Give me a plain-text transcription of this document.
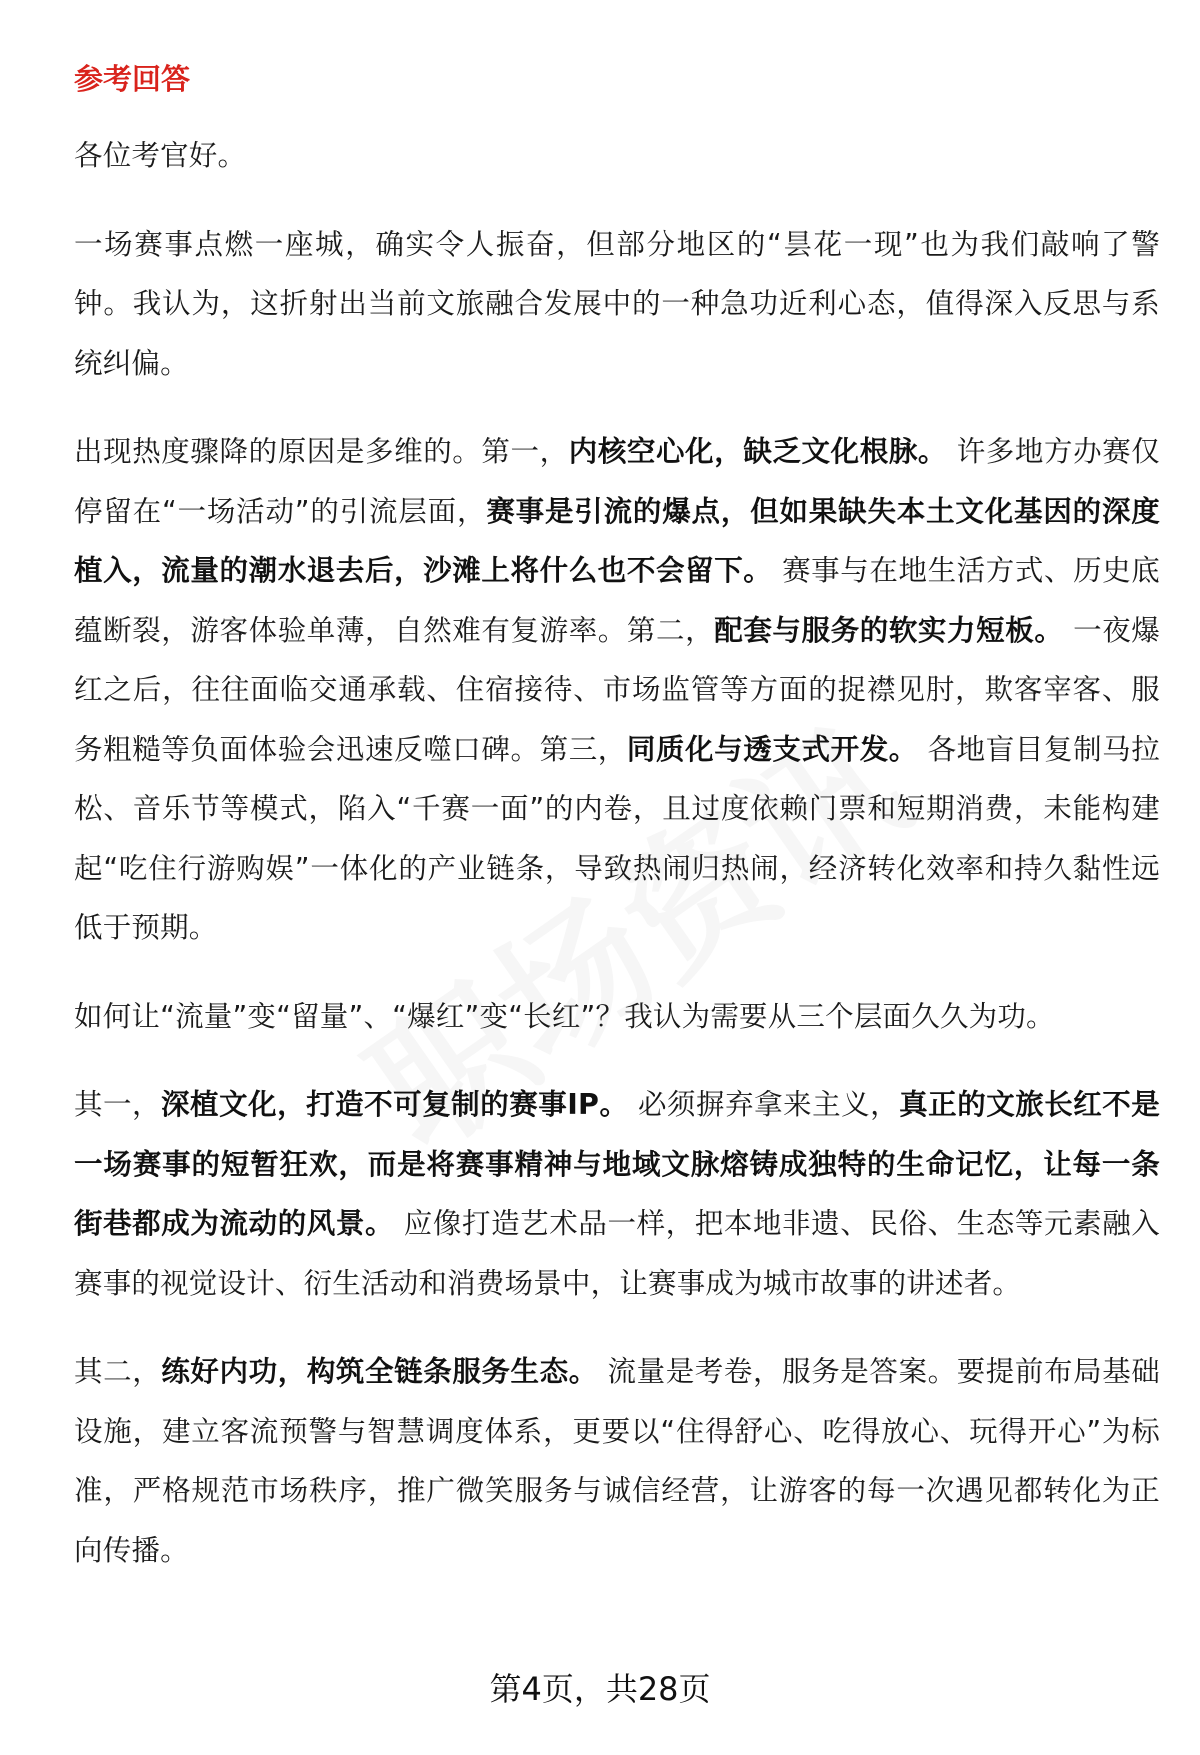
参考回答

各位考官好。

一场赛事点燃一座城，确实令人振奋，但部分地区的“昙花一现”也为我们敲响了警钟。我认为，这折射出当前文旅融合发展中的一种急功近利心态，值得深入反思与系统纠偏。

出现热度骤降的原因是多维的。第一，内核空心化，缺乏文化根脉。 许多地方办赛仅停留在“一场活动”的引流层面，赛事是引流的爆点，但如果缺失本土文化基因的深度植入，流量的潮水退去后，沙滩上将什么也不会留下。 赛事与在地生活方式、历史底蕴断裂，游客体验单薄，自然难有复游率。第二，配套与服务的软实力短板。 一夜爆红之后，往往面临交通承载、住宿接待、市场监管等方面的捉襟见肘，欺客宰客、服务粗糙等负面体验会迅速反噬口碑。第三，同质化与透支式开发。 各地盲目复制马拉松、音乐节等模式，陷入“千赛一面”的内卷，且过度依赖门票和短期消费，未能构建起“吃住行游购娱”一体化的产业链条，导致热闹归热闹，经济转化效率和持久黏性远低于预期。

如何让“流量”变“留量”、“爆红”变“长红”？我认为需要从三个层面久久为功。

其一，深植文化，打造不可复制的赛事IP。 必须摒弃拿来主义，真正的文旅长红不是一场赛事的短暂狂欢，而是将赛事精神与地域文脉熔铸成独特的生命记忆，让每一条街巷都成为流动的风景。 应像打造艺术品一样，把本地非遗、民俗、生态等元素融入赛事的视觉设计、衍生活动和消费场景中，让赛事成为城市故事的讲述者。

其二，练好内功，构筑全链条服务生态。 流量是考卷，服务是答案。要提前布局基础设施，建立客流预警与智慧调度体系，更要以“住得舒心、吃得放心、玩得开心”为标准，严格规范市场秩序，推广微笑服务与诚信经营，让游客的每一次遇见都转化为正向传播。

第4页，共28页
